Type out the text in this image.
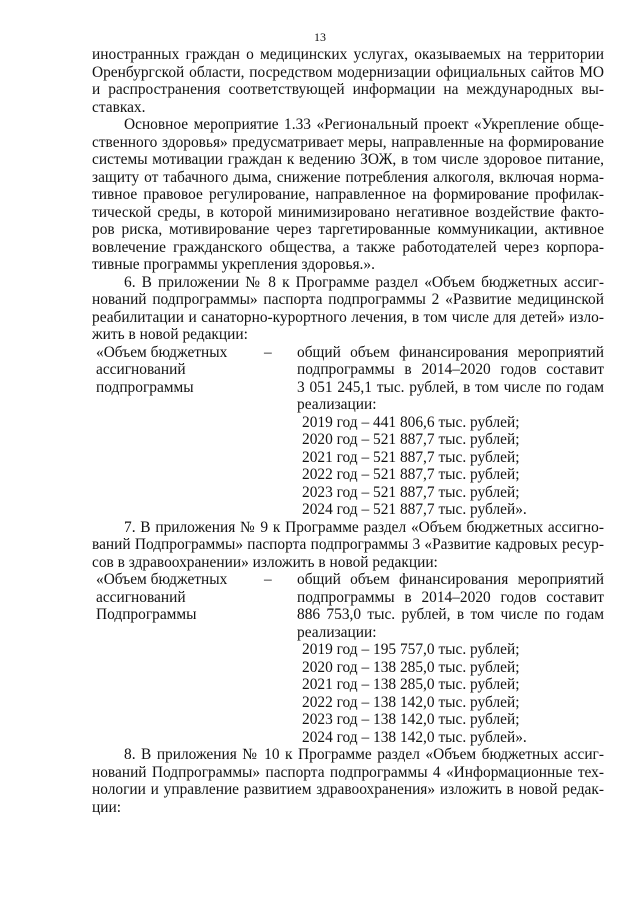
13
иностранных граждан о медицинских услугах, оказываемых на территории
Оренбургской области, посредством модернизации официальных сайтов МО
и распространения соответствующей информации на международных вы-
ставках.
Основное мероприятие 1.33 «Региональный проект «Укрепление обще-
ственного здоровья» предусматривает меры, направленные на формирование
системы мотивации граждан к ведению ЗОЖ, в том числе здоровое питание,
защиту от табачного дыма, снижение потребления алкоголя, включая норма-
тивное правовое регулирование, направленное на формирование профилак-
тической среды, в которой минимизировано негативное воздействие факто-
ров риска, мотивирование через таргетированные коммуникации, активное
вовлечение гражданского общества, а также работодателей через корпора-
тивные программы укрепления здоровья.».
6. В приложении № 8 к Программе раздел «Объем бюджетных ассиг-
нований подпрограммы» паспорта подпрограммы 2 «Развитие медицинской
реабилитации и санаторно-курортного лечения, в том числе для детей» изло-
жить в новой редакции:
«Объем бюджетных
ассигнований
подпрограммы
– общий объем финансирования мероприятий
подпрограммы в 2014–2020 годов составит
3 051 245,1 тыс. рублей, в том числе по годам
реализации:
2019 год – 441 806,6 тыс. рублей;
2020 год – 521 887,7 тыс. рублей;
2021 год – 521 887,7 тыс. рублей;
2022 год – 521 887,7 тыс. рублей;
2023 год – 521 887,7 тыс. рублей;
2024 год – 521 887,7 тыс. рублей».
7. В приложения № 9 к Программе раздел «Объем бюджетных ассигно-
ваний Подпрограммы» паспорта подпрограммы 3 «Развитие кадровых ресур-
сов в здравоохранении» изложить в новой редакции:
«Объем бюджетных
ассигнований
Подпрограммы
– общий объем финансирования мероприятий
подпрограммы в 2014–2020 годов составит
886 753,0 тыс. рублей, в том числе по годам
реализации:
2019 год – 195 757,0 тыс. рублей;
2020 год – 138 285,0 тыс. рублей;
2021 год – 138 285,0 тыс. рублей;
2022 год – 138 142,0 тыс. рублей;
2023 год – 138 142,0 тыс. рублей;
2024 год – 138 142,0 тыс. рублей».
8. В приложения № 10 к Программе раздел «Объем бюджетных ассиг-
нований Подпрограммы» паспорта подпрограммы 4 «Информационные тех-
нологии и управление развитием здравоохранения» изложить в новой редак-
ции:
